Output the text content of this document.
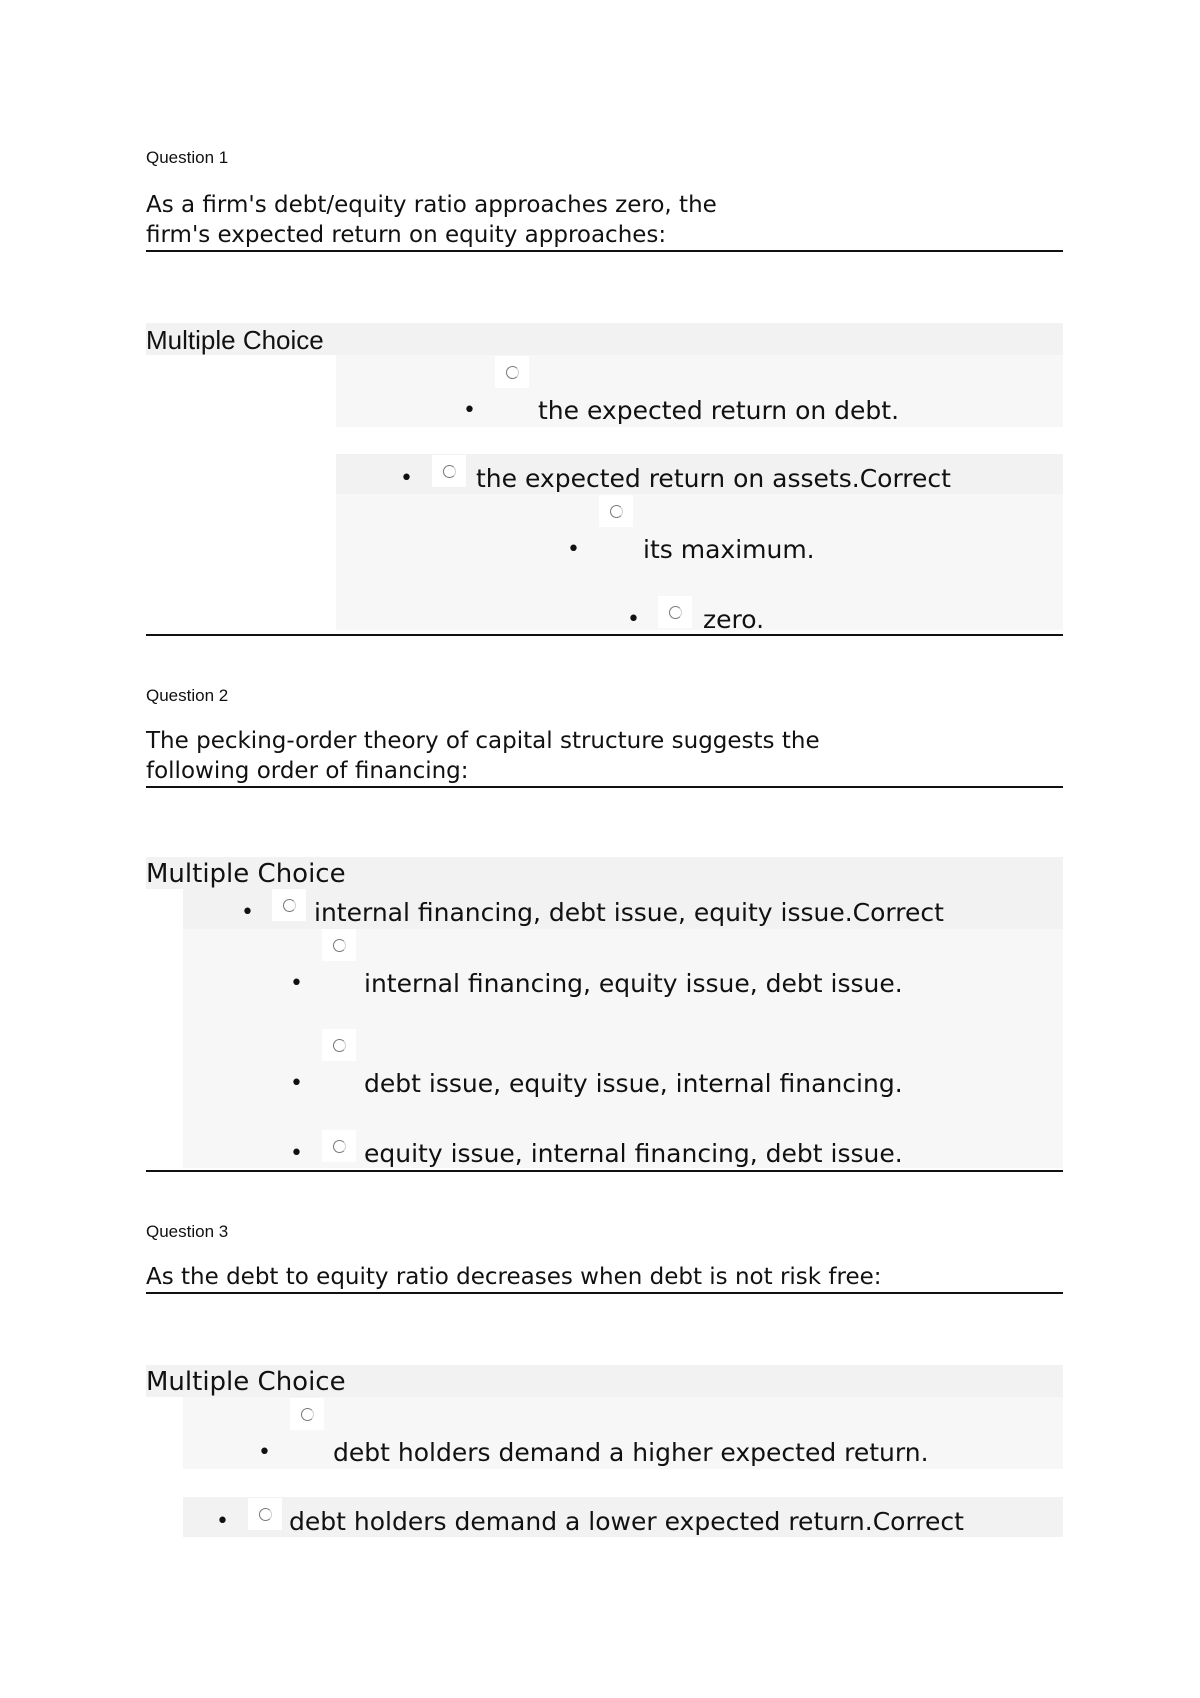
Question 1
As a firm's debt/equity ratio approaches zero, the
firm's expected return on equity approaches:
Multiple Choice
• the expected return on debt.
•	the expected return on assets.Correct
•	its maximum.
•	zero.
Question 2
The pecking-order theory of capital structure suggests the
following order of financing:
Multiple Choice
• internal financing, debt issue, equity issue.Correct
• internal financing, equity issue, debt issue.
• debt issue, equity issue, internal financing.
• equity issue, internal financing, debt issue.
Question 3
As the debt to equity ratio decreases when debt is not risk free:
Multiple Choice
• debt holders demand a higher expected return.
• debt holders demand a lower expected return.Correct
